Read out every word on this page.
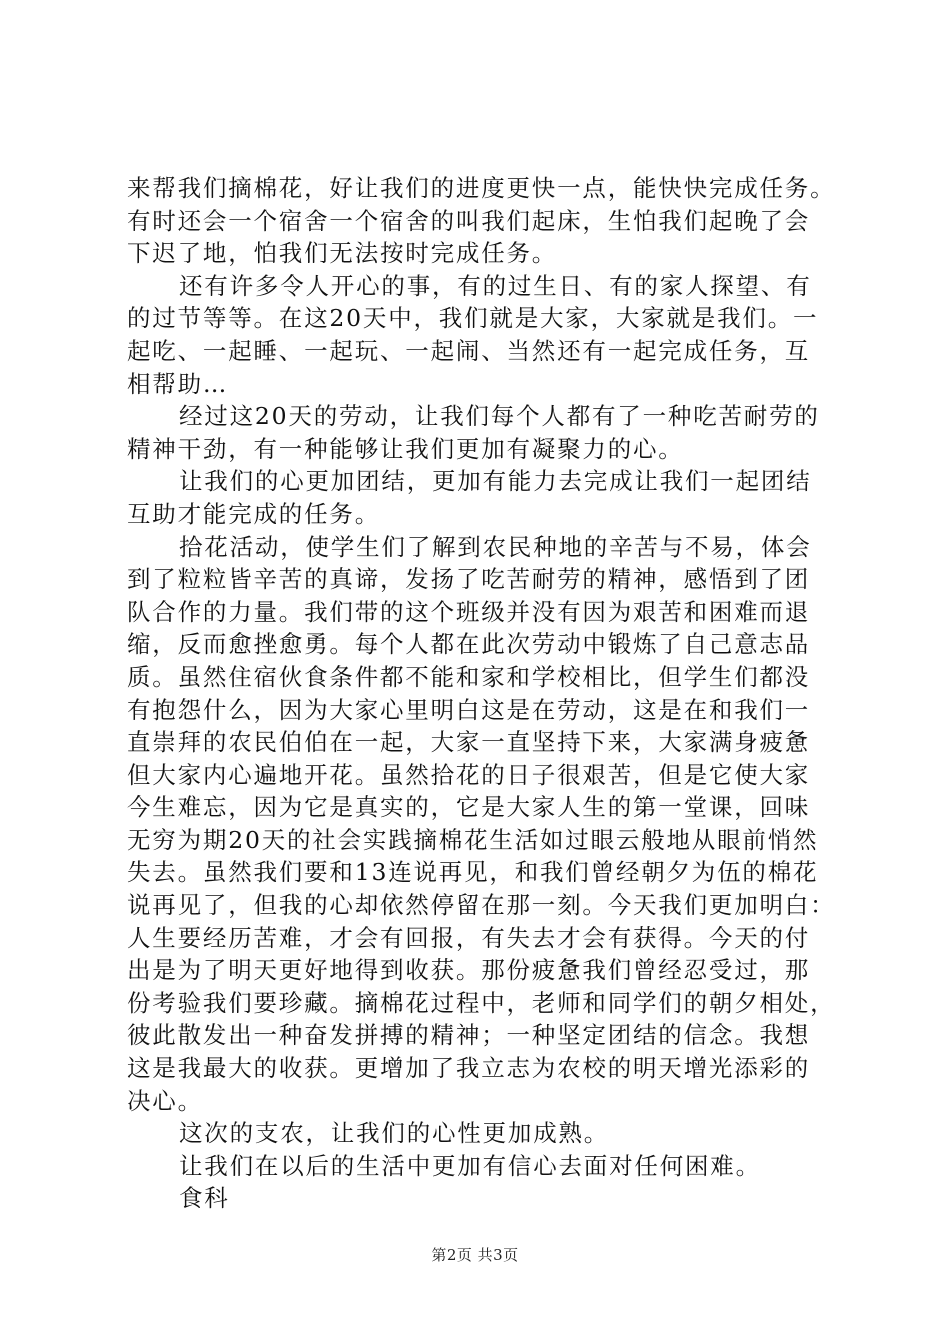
来帮我们摘棉花，好让我们的进度更快一点，能快快完成任务。
有时还会一个宿舍一个宿舍的叫我们起床，生怕我们起晚了会
下迟了地，怕我们无法按时完成任务。
还有许多令人开心的事，有的过生日、有的家人探望、有
的过节等等。在这20天中，我们就是大家，大家就是我们。一
起吃、一起睡、一起玩、一起闹、当然还有一起完成任务，互
相帮助…
经过这20天的劳动，让我们每个人都有了一种吃苦耐劳的
精神干劲，有一种能够让我们更加有凝聚力的心。
让我们的心更加团结，更加有能力去完成让我们一起团结
互助才能完成的任务。
拾花活动，使学生们了解到农民种地的辛苦与不易，体会
到了粒粒皆辛苦的真谛，发扬了吃苦耐劳的精神，感悟到了团
队合作的力量。我们带的这个班级并没有因为艰苦和困难而退
缩，反而愈挫愈勇。每个人都在此次劳动中锻炼了自己意志品
质。虽然住宿伙食条件都不能和家和学校相比，但学生们都没
有抱怨什么，因为大家心里明白这是在劳动，这是在和我们一
直崇拜的农民伯伯在一起，大家一直坚持下来，大家满身疲惫
但大家内心遍地开花。虽然拾花的日子很艰苦，但是它使大家
今生难忘，因为它是真实的，它是大家人生的第一堂课，回味
无穷为期20天的社会实践摘棉花生活如过眼云般地从眼前悄然
失去。虽然我们要和13连说再见，和我们曾经朝夕为伍的棉花
说再见了，但我的心却依然停留在那一刻。今天我们更加明白：
人生要经历苦难，才会有回报，有失去才会有获得。今天的付
出是为了明天更好地得到收获。那份疲惫我们曾经忍受过，那
份考验我们要珍藏。摘棉花过程中，老师和同学们的朝夕相处，
彼此散发出一种奋发拼搏的精神；一种坚定团结的信念。我想
这是我最大的收获。更增加了我立志为农校的明天增光添彩的
决心。
这次的支农，让我们的心性更加成熟。
让我们在以后的生活中更加有信心去面对任何困难。
食科
第2页 共3页
